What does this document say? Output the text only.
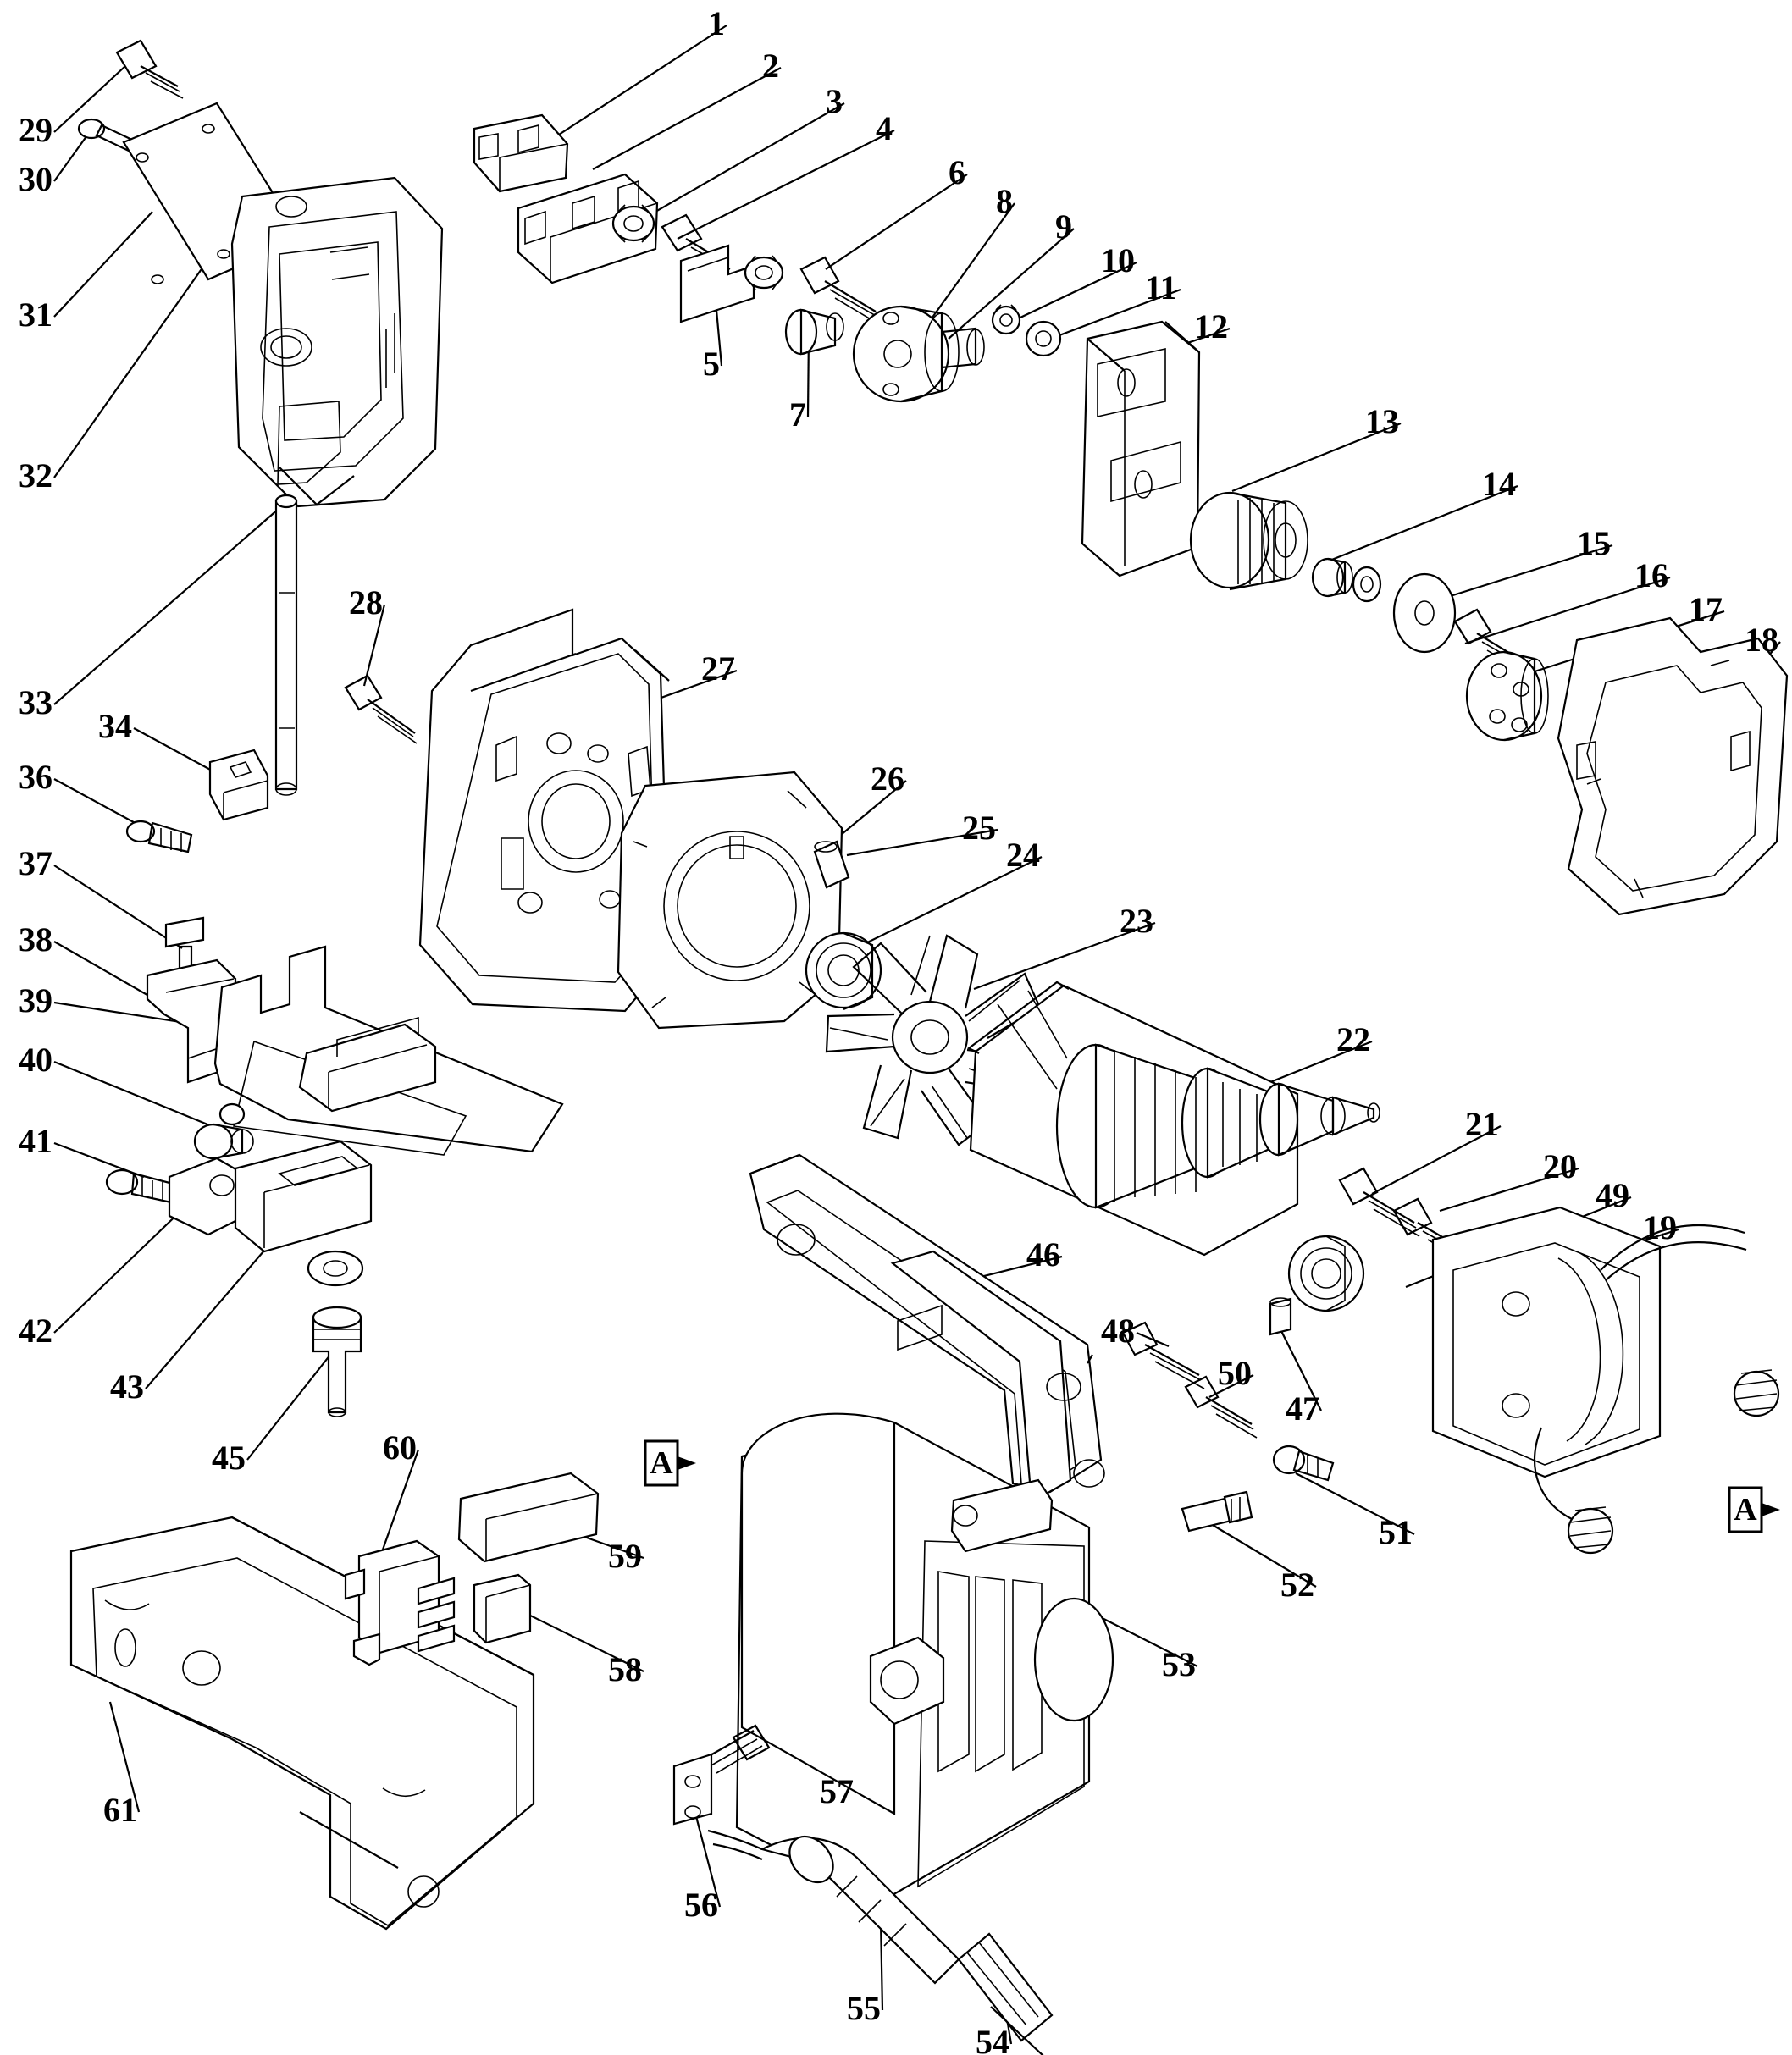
1
2
3
4
5
6
7
8
9
10
11
12
13
14
15
16
17
18
19
20
21
22
23
24
25
26
27
28
29
30
31
32
33
34
36
37
38
39
40
41
42
43
45
46
47
48
49
50
51
52
53
54
55
56
57
58
59
60
61
A
A
